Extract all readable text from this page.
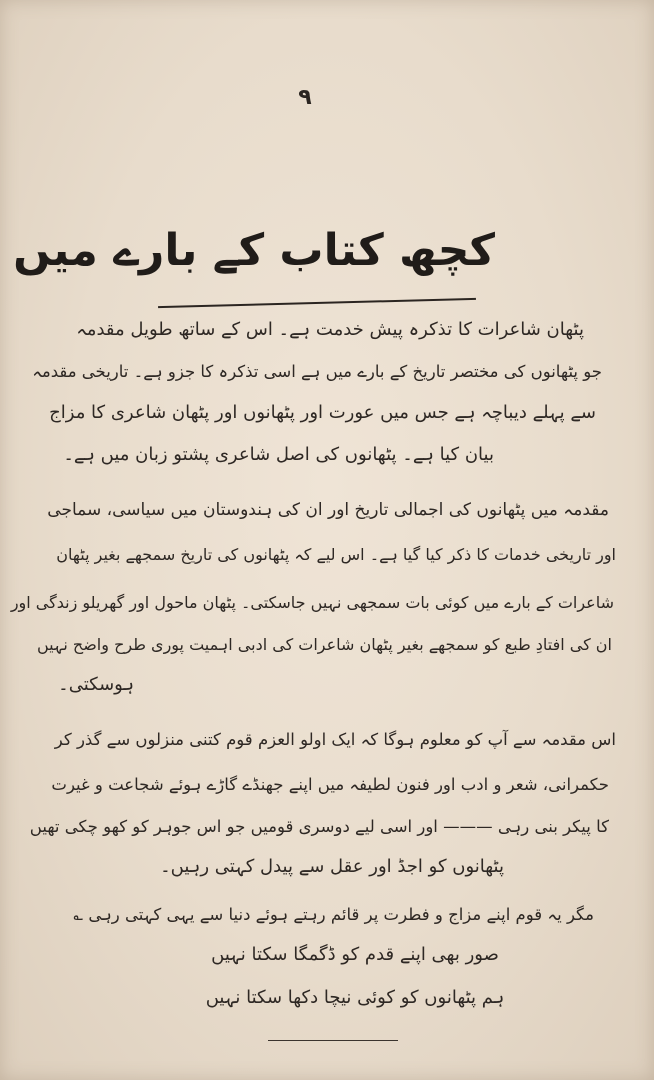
۹
کچھ کتاب کے بارے میں
پٹھان شاعرات کا تذکرہ پیش خدمت ہے۔ اس کے ساتھ طویل مقدمہ
جو پٹھانوں کی مختصر تاریخ کے بارے میں ہے اسی تذکرہ کا جزو ہے۔ تاریخی مقدمہ
سے پہلے دیباچہ ہے جس میں عورت اور پٹھانوں اور پٹھان شاعری کا مزاج
بیان کیا ہے۔ پٹھانوں کی اصل شاعری پشتو زبان میں ہے۔
مقدمہ میں پٹھانوں کی اجمالی تاریخ اور ان کی ہندوستان میں سیاسی، سماجی
اور تاریخی خدمات کا ذکر کیا گیا ہے۔ اس لیے کہ پٹھانوں کی تاریخ سمجھے بغیر پٹھان
شاعرات کے بارے میں کوئی بات سمجھی نہیں جاسکتی۔ پٹھان ماحول اور گھریلو زندگی اور
ان کی افتادِ طبع کو سمجھے بغیر پٹھان شاعرات کی ادبی اہمیت پوری طرح واضح نہیں
ہوسکتی۔
اس مقدمہ سے آپ کو معلوم ہوگا کہ ایک اولو العزم قوم کتنی منزلوں سے گذر کر
حکمرانی، شعر و ادب اور فنون لطیفہ میں اپنے جھنڈے گاڑے ہوئے شجاعت و غیرت
کا پیکر بنی رہی ——— اور اسی لیے دوسری قومیں جو اس جوہر کو کھو چکی تھیں
پٹھانوں کو اجڈ اور عقل سے پیدل کہتی رہیں۔
مگر یہ قوم اپنے مزاج و فطرت پر قائم رہتے ہوئے دنیا سے یہی کہتی رہی ؎
صور بھی اپنے قدم کو ڈگمگا سکتا نہیں
ہم پٹھانوں کو کوئی نیچا دکھا سکتا نہیں
